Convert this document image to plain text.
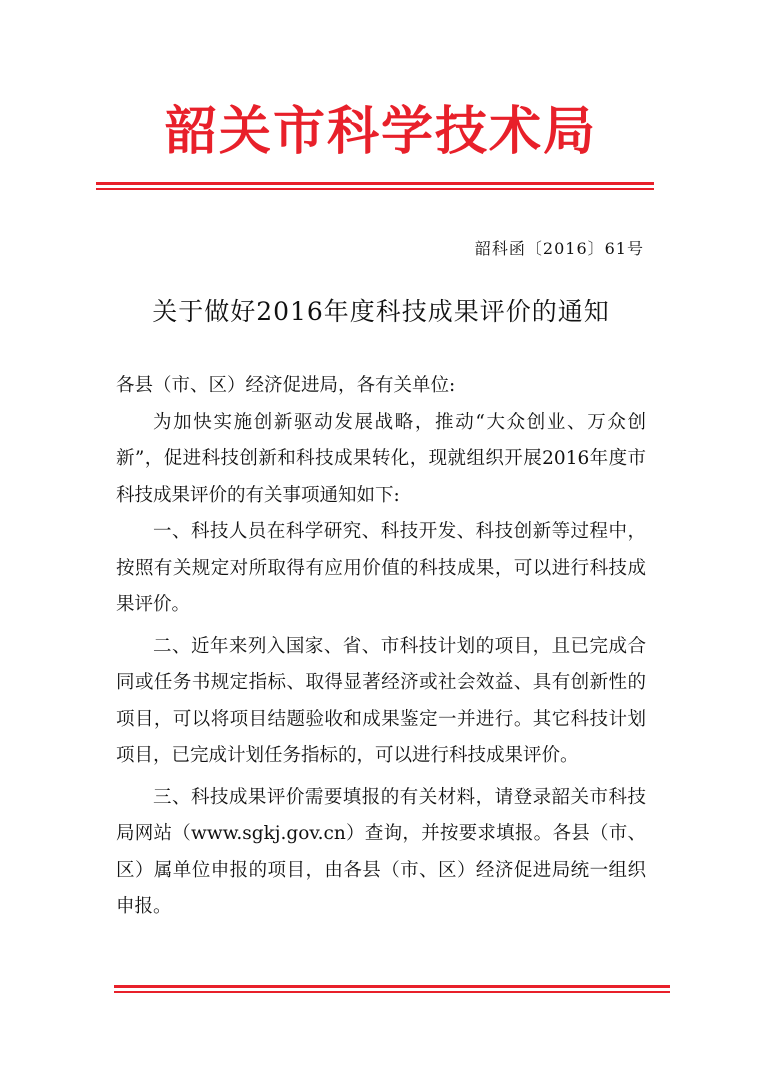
韶关市科学技术局
韶科函〔2016〕61号
关于做好2016年度科技成果评价的通知

各县（市、区）经济促进局，各有关单位:

为加快实施创新驱动发展战略，推动“大众创业、万众创新”，促进科技创新和科技成果转化，现就组织开展2016年度市科技成果评价的有关事项通知如下:

一、科技人员在科学研究、科技开发、科技创新等过程中，按照有关规定对所取得有应用价值的科技成果，可以进行科技成果评价。

二、近年来列入国家、省、市科技计划的项目，且已完成合同或任务书规定指标、取得显著经济或社会效益、具有创新性的项目，可以将项目结题验收和成果鉴定一并进行。其它科技计划项目，已完成计划任务指标的，可以进行科技成果评价。

三、科技成果评价需要填报的有关材料，请登录韶关市科技局网站（www.sgkj.gov.cn）查询，并按要求填报。各县（市、区）属单位申报的项目，由各县（市、区）经济促进局统一组织申报。
